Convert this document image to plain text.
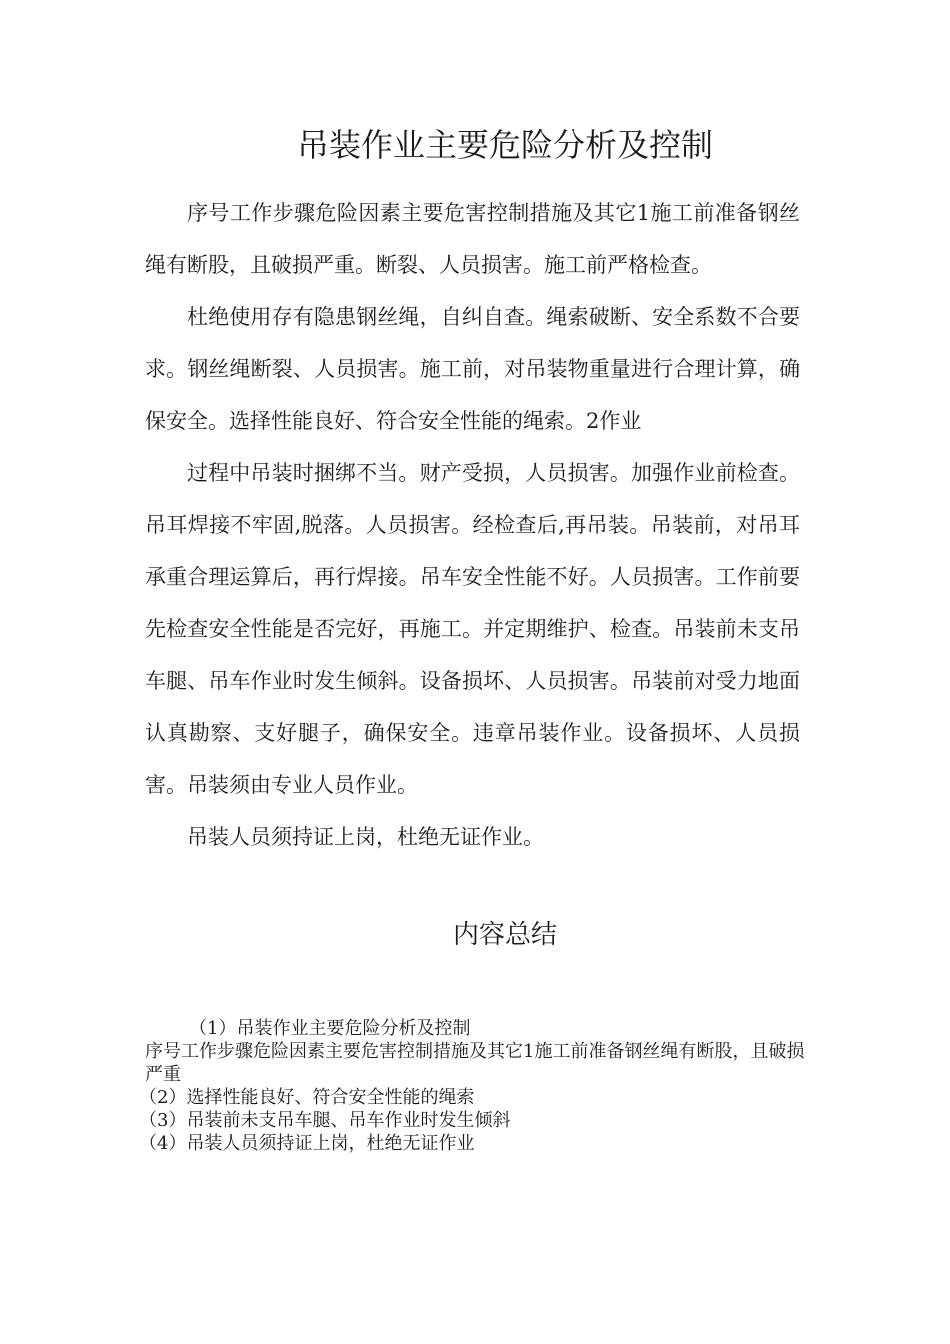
吊装作业主要危险分析及控制

序号工作步骤危险因素主要危害控制措施及其它1施工前准备钢丝绳有断股，且破损严重。断裂、人员损害。施工前严格检查。

杜绝使用存有隐患钢丝绳，自纠自查。绳索破断、安全系数不合要求。钢丝绳断裂、人员损害。施工前，对吊装物重量进行合理计算，确保安全。选择性能良好、符合安全性能的绳索。2作业

过程中吊装时捆绑不当。财产受损，人员损害。加强作业前检查。吊耳焊接不牢固,脱落。人员损害。经检查后,再吊装。吊装前，对吊耳承重合理运算后，再行焊接。吊车安全性能不好。人员损害。工作前要先检查安全性能是否完好，再施工。并定期维护、检查。吊装前未支吊车腿、吊车作业时发生倾斜。设备损坏、人员损害。吊装前对受力地面认真勘察、支好腿子，确保安全。违章吊装作业。设备损坏、人员损害。吊装须由专业人员作业。

吊装人员须持证上岗，杜绝无证作业。

内容总结
（1）吊装作业主要危险分析及控制
序号工作步骤危险因素主要危害控制措施及其它1施工前准备钢丝绳有断股，且破损严重
（2）选择性能良好、符合安全性能的绳索
（3）吊装前未支吊车腿、吊车作业时发生倾斜
（4）吊装人员须持证上岗，杜绝无证作业
